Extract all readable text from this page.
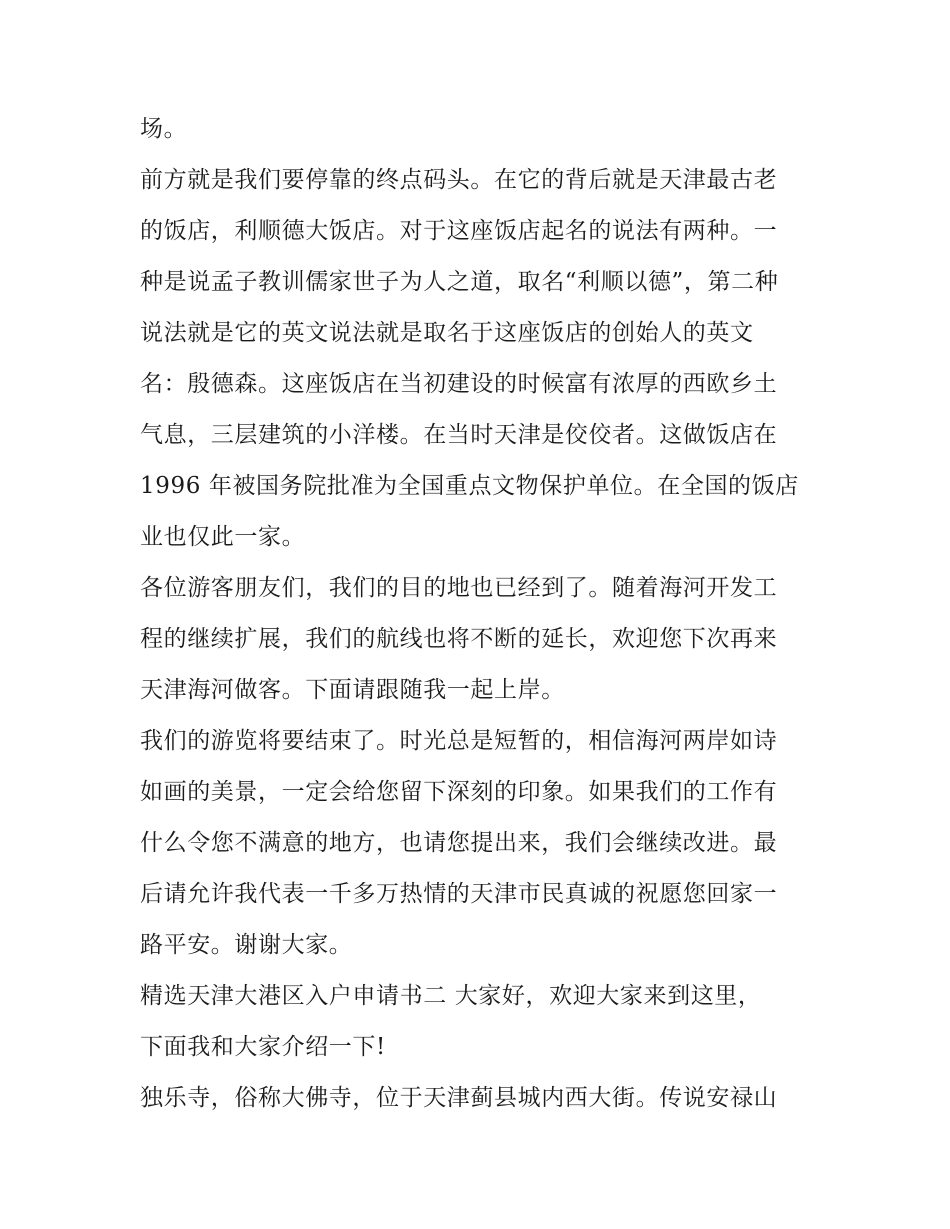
场。
前方就是我们要停靠的终点码头。在它的背后就是天津最古老
的饭店，利顺德大饭店。对于这座饭店起名的说法有两种。一
种是说孟子教训儒家世子为人之道，取名“利顺以德”，第二种
说法就是它的英文说法就是取名于这座饭店的创始人的英文
名：殷德森。这座饭店在当初建设的时候富有浓厚的西欧乡土
气息，三层建筑的小洋楼。在当时天津是佼佼者。这做饭店在
1996 年被国务院批准为全国重点文物保护单位。在全国的饭店
业也仅此一家。
各位游客朋友们，我们的目的地也已经到了。随着海河开发工
程的继续扩展，我们的航线也将不断的延长，欢迎您下次再来
天津海河做客。下面请跟随我一起上岸。
我们的游览将要结束了。时光总是短暂的，相信海河两岸如诗
如画的美景，一定会给您留下深刻的印象。如果我们的工作有
什么令您不满意的地方，也请您提出来，我们会继续改进。最
后请允许我代表一千多万热情的天津市民真诚的祝愿您回家一
路平安。谢谢大家。
精选天津大港区入户申请书二 大家好，欢迎大家来到这里，
下面我和大家介绍一下!
独乐寺，俗称大佛寺，位于天津蓟县城内西大街。传说安禄山
